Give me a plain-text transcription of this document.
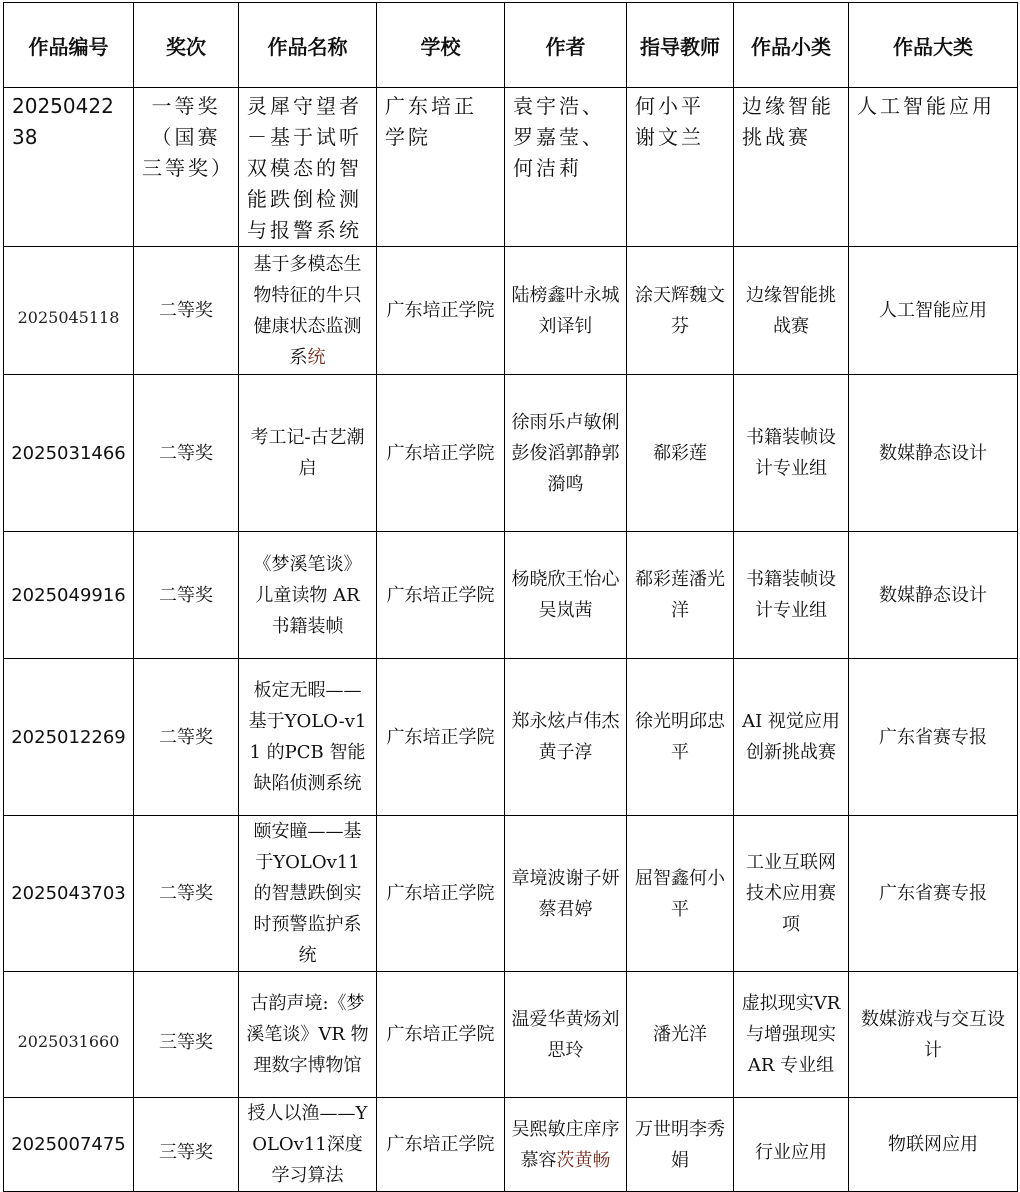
作品编号	奖次	作品名称	学校	作者	指导教师	作品小类	作品大类

2025042238	一等奖（国赛三等奖）	灵犀守望者－基于试听双模态的智能跌倒检测与报警系统	广东培正学院	袁宇浩、罗嘉莹、何洁莉	何小平谢文兰	边缘智能挑战赛	人工智能应用

2025045118	二等奖	基于多模态生物特征的牛只健康状态监测系统	广东培正学院	陆榜鑫叶永城刘译钊	涂天辉魏文芬	边缘智能挑战赛	人工智能应用

2025031466	二等奖	考工记-古艺潮启	广东培正学院	徐雨乐卢敏俐彭俊滔郭静郭漪鸣	郗彩莲	书籍装帧设计专业组	数媒静态设计

2025049916	二等奖	《梦溪笔谈》儿童读物 AR 书籍装帧	广东培正学院	杨晓欣王怡心吴岚茜	郗彩莲潘光洋	书籍装帧设计专业组	数媒静态设计

2025012269	二等奖	板定无暇——基于YOLO-v11 的PCB 智能缺陷侦测系统	广东培正学院	郑永炫卢伟杰黄子淳	徐光明邱忠平	AI 视觉应用创新挑战赛	广东省赛专报

2025043703	二等奖	颐安瞳——基于YOLOv11 的智慧跌倒实时预警监护系统	广东培正学院	章境波谢子妍蔡君婷	屈智鑫何小平	工业互联网技术应用赛项	广东省赛专报

2025031660	三等奖	古韵声境:《梦溪笔谈》VR 物理数字博物馆	广东培正学院	温爱华黄炀刘思玲	潘光洋	虚拟现实VR 与增强现实AR 专业组	数媒游戏与交互设计

2025007475	三等奖	授人以渔——YOLOv11深度学习算法	广东培正学院	吴熙敏庄庠序慕容茨黄畅	万世明李秀娟	行业应用	物联网应用
